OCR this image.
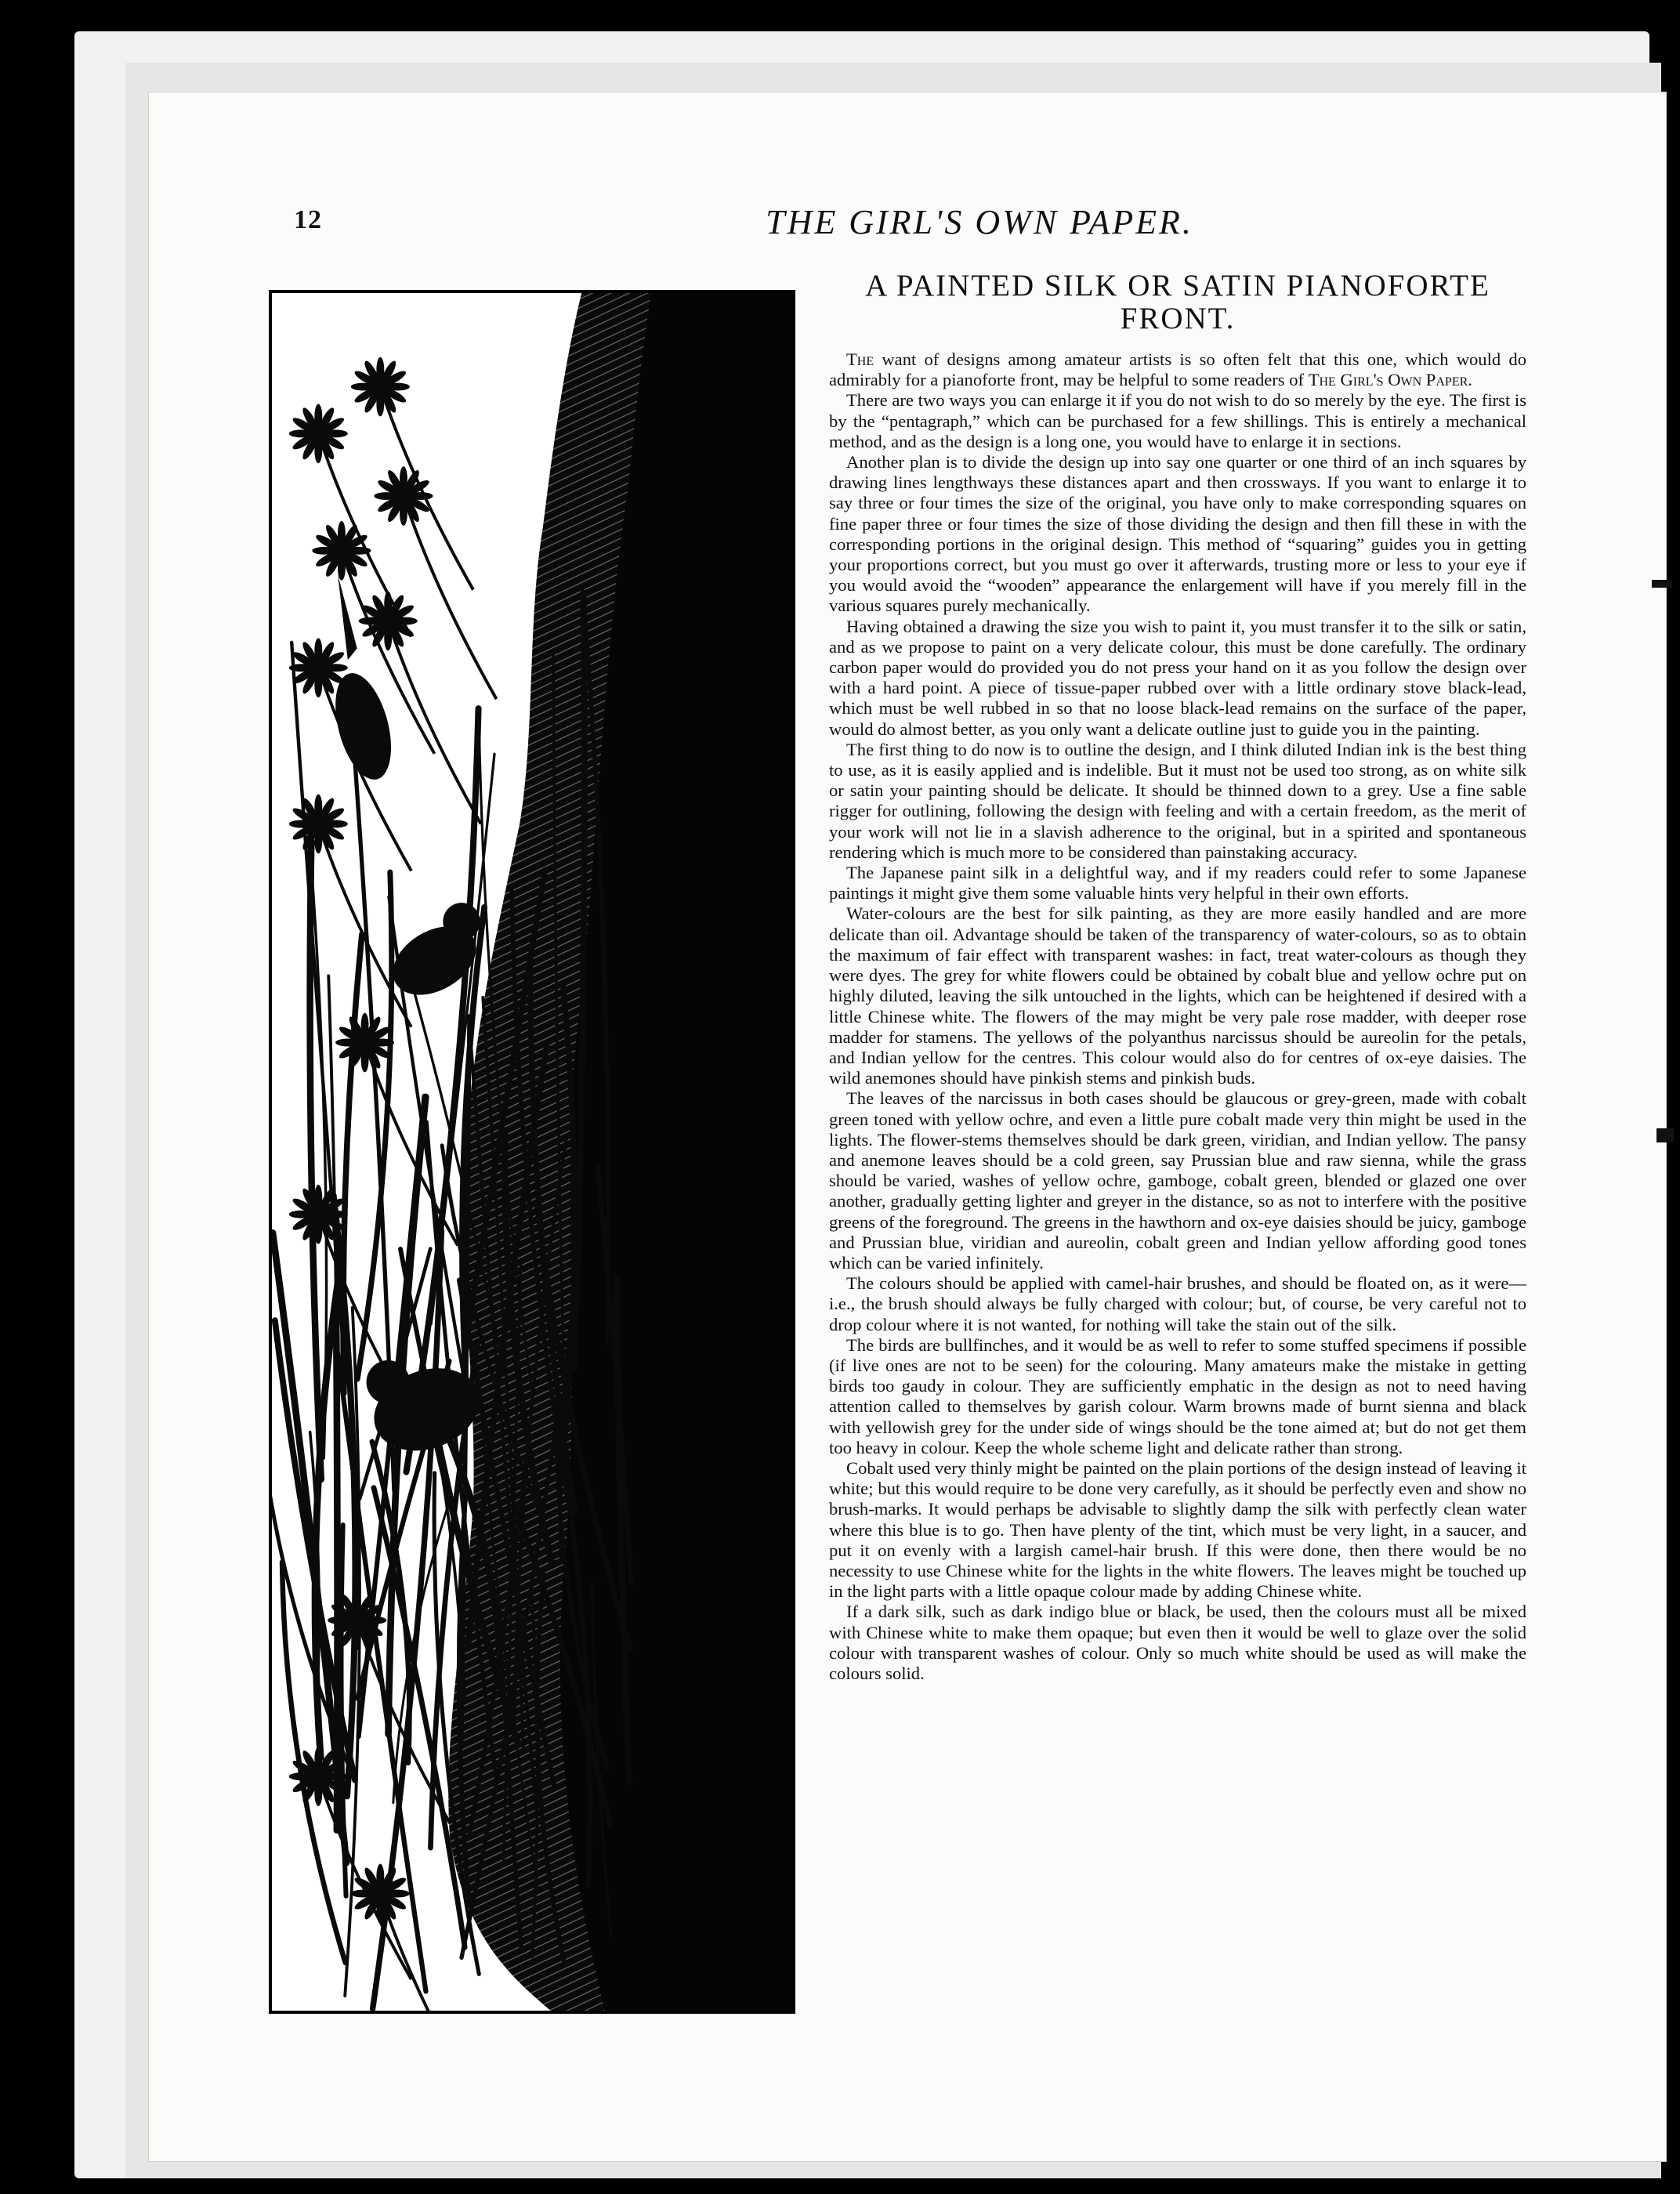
12	THE GIRL'S OWN PAPER.
A PAINTED SILK OR SATIN PIANOFORTE FRONT.

The want of designs among amateur artists is so often felt that this one, which would do admirably for a pianoforte front, may be helpful to some readers of The Girl's Own Paper.

There are two ways you can enlarge it if you do not wish to do so merely by the eye. The first is by the “pentagraph,” which can be purchased for a few shillings. This is entirely a mechanical method, and as the design is a long one, you would have to enlarge it in sections.

Another plan is to divide the design up into say one quarter or one third of an inch squares by drawing lines lengthways these distances apart and then crossways. If you want to enlarge it to say three or four times the size of the original, you have only to make corresponding squares on fine paper three or four times the size of those dividing the design and then fill these in with the corresponding portions in the original design. This method of “squaring” guides you in getting your proportions correct, but you must go over it afterwards, trusting more or less to your eye if you would avoid the “wooden” appearance the enlargement will have if you merely fill in the various squares purely mechanically.

Having obtained a drawing the size you wish to paint it, you must transfer it to the silk or satin, and as we propose to paint on a very delicate colour, this must be done carefully. The ordinary carbon paper would do provided you do not press your hand on it as you follow the design over with a hard point. A piece of tissue-paper rubbed over with a little ordinary stove black-lead, which must be well rubbed in so that no loose black-lead remains on the surface of the paper, would do almost better, as you only want a delicate outline just to guide you in the painting.

The first thing to do now is to outline the design, and I think diluted Indian ink is the best thing to use, as it is easily applied and is indelible. But it must not be used too strong, as on white silk or satin your painting should be delicate. It should be thinned down to a grey. Use a fine sable rigger for outlining, following the design with feeling and with a certain freedom, as the merit of your work will not lie in a slavish adherence to the original, but in a spirited and spontaneous rendering which is much more to be considered than painstaking accuracy.

The Japanese paint silk in a delightful way, and if my readers could refer to some Japanese paintings it might give them some valuable hints very helpful in their own efforts.

Water-colours are the best for silk painting, as they are more easily handled and are more delicate than oil. Advantage should be taken of the transparency of water-colours, so as to obtain the maximum of fair effect with transparent washes: in fact, treat water-colours as though they were dyes. The grey for white flowers could be obtained by cobalt blue and yellow ochre put on highly diluted, leaving the silk untouched in the lights, which can be heightened if desired with a little Chinese white. The flowers of the may might be very pale rose madder, with deeper rose madder for stamens. The yellows of the polyanthus narcissus should be aureolin for the petals, and Indian yellow for the centres. This colour would also do for centres of ox-eye daisies. The wild anemones should have pinkish stems and pinkish buds.

The leaves of the narcissus in both cases should be glaucous or grey-green, made with cobalt green toned with yellow ochre, and even a little pure cobalt made very thin might be used in the lights. The flower-stems themselves should be dark green, viridian, and Indian yellow. The pansy and anemone leaves should be a cold green, say Prussian blue and raw sienna, while the grass should be varied, washes of yellow ochre, gamboge, cobalt green, blended or glazed one over another, gradually getting lighter and greyer in the distance, so as not to interfere with the positive greens of the foreground. The greens in the hawthorn and ox-eye daisies should be juicy, gamboge and Prussian blue, viridian and aureolin, cobalt green and Indian yellow affording good tones which can be varied infinitely.

The colours should be applied with camel-hair brushes, and should be floated on, as it were—i.e., the brush should always be fully charged with colour; but, of course, be very careful not to drop colour where it is not wanted, for nothing will take the stain out of the silk.

The birds are bullfinches, and it would be as well to refer to some stuffed specimens if possible (if live ones are not to be seen) for the colouring. Many amateurs make the mistake in getting birds too gaudy in colour. They are sufficiently emphatic in the design as not to need having attention called to themselves by garish colour. Warm browns made of burnt sienna and black with yellowish grey for the under side of wings should be the tone aimed at; but do not get them too heavy in colour. Keep the whole scheme light and delicate rather than strong.

Cobalt used very thinly might be painted on the plain portions of the design instead of leaving it white; but this would require to be done very carefully, as it should be perfectly even and show no brush-marks. It would perhaps be advisable to slightly damp the silk with perfectly clean water where this blue is to go. Then have plenty of the tint, which must be very light, in a saucer, and put it on evenly with a largish camel-hair brush. If this were done, then there would be no necessity to use Chinese white for the lights in the white flowers. The leaves might be touched up in the light parts with a little opaque colour made by adding Chinese white.

If a dark silk, such as dark indigo blue or black, be used, then the colours must all be mixed with Chinese white to make them opaque; but even then it would be well to glaze over the solid colour with transparent washes of colour. Only so much white should be used as will make the colours solid.
